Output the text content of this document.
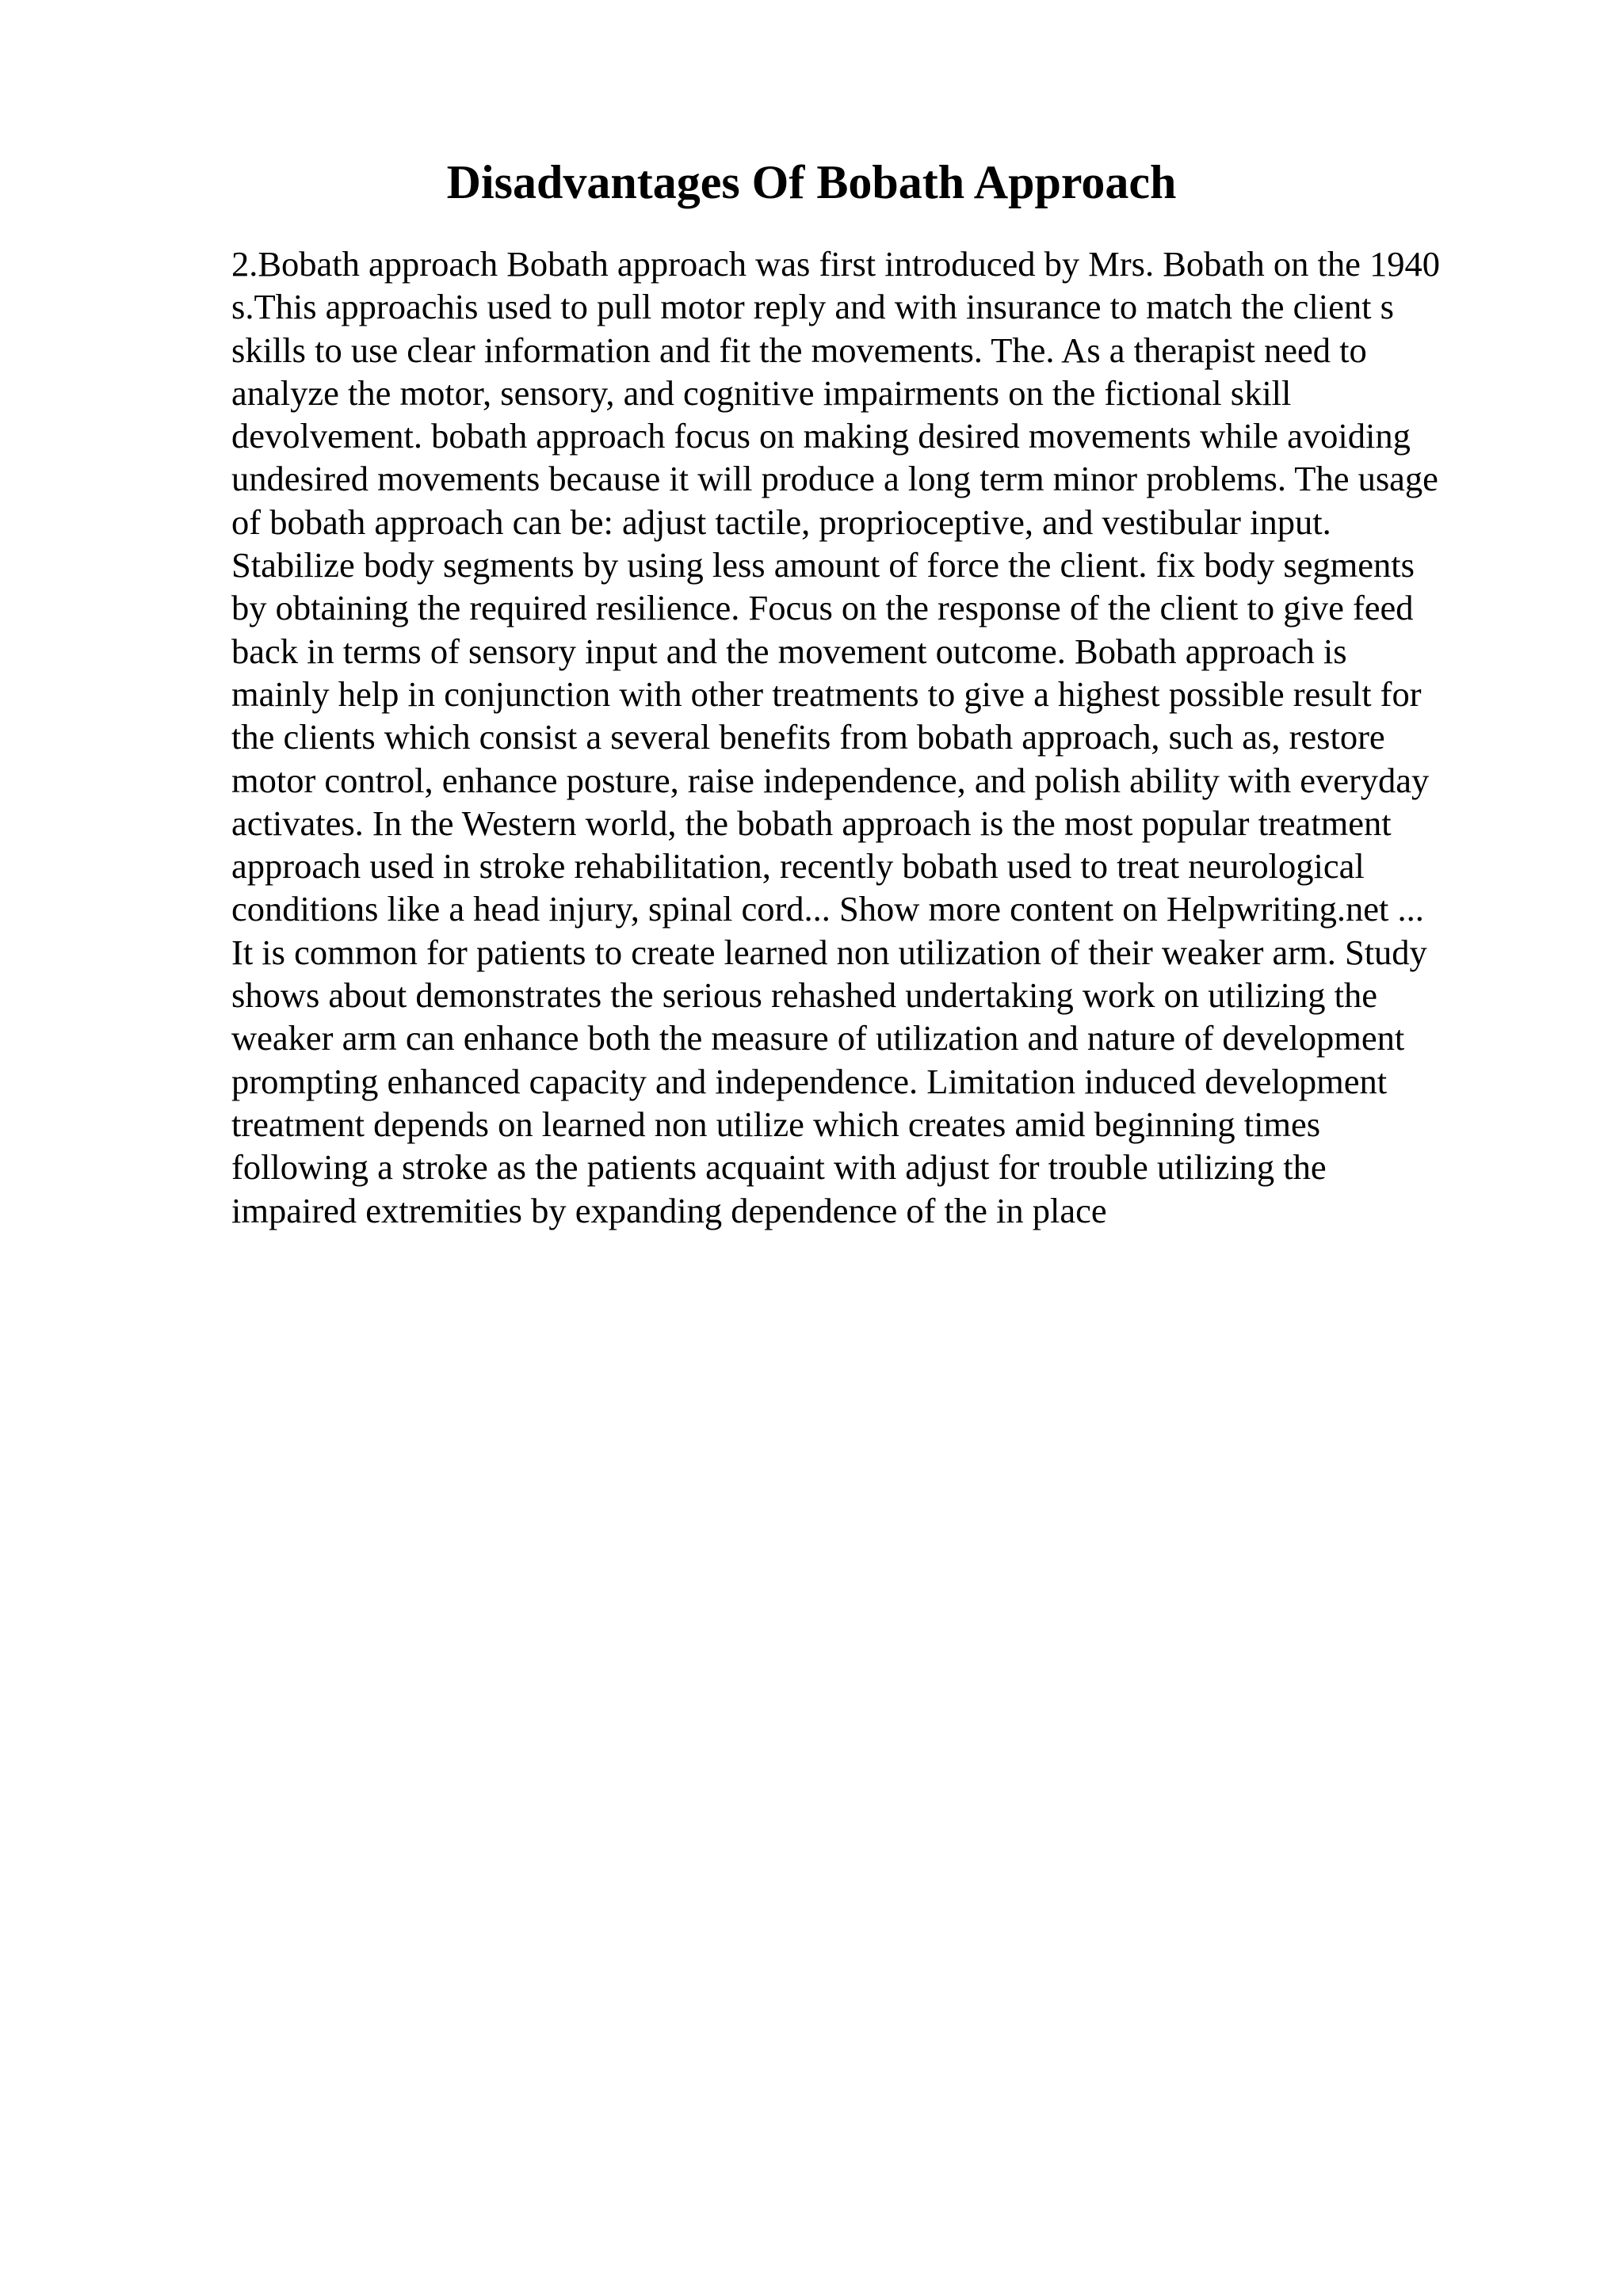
Disadvantages Of Bobath Approach
2.Bobath approach Bobath approach was first introduced by Mrs. Bobath on the 1940
s.This approachis used to pull motor reply and with insurance to match the client s
skills to use clear information and fit the movements. The. As a therapist need to
analyze the motor, sensory, and cognitive impairments on the fictional skill
devolvement. bobath approach focus on making desired movements while avoiding
undesired movements because it will produce a long term minor problems. The usage
of bobath approach can be: adjust tactile, proprioceptive, and vestibular input.
Stabilize body segments by using less amount of force the client. fix body segments
by obtaining the required resilience. Focus on the response of the client to give feed
back in terms of sensory input and the movement outcome. Bobath approach is
mainly help in conjunction with other treatments to give a highest possible result for
the clients which consist a several benefits from bobath approach, such as, restore
motor control, enhance posture, raise independence, and polish ability with everyday
activates. In the Western world, the bobath approach is the most popular treatment
approach used in stroke rehabilitation, recently bobath used to treat neurological
conditions like a head injury, spinal cord... Show more content on Helpwriting.net ...
It is common for patients to create learned non utilization of their weaker arm. Study
shows about demonstrates the serious rehashed undertaking work on utilizing the
weaker arm can enhance both the measure of utilization and nature of development
prompting enhanced capacity and independence. Limitation induced development
treatment depends on learned non utilize which creates amid beginning times
following a stroke as the patients acquaint with adjust for trouble utilizing the
impaired extremities by expanding dependence of the in place
